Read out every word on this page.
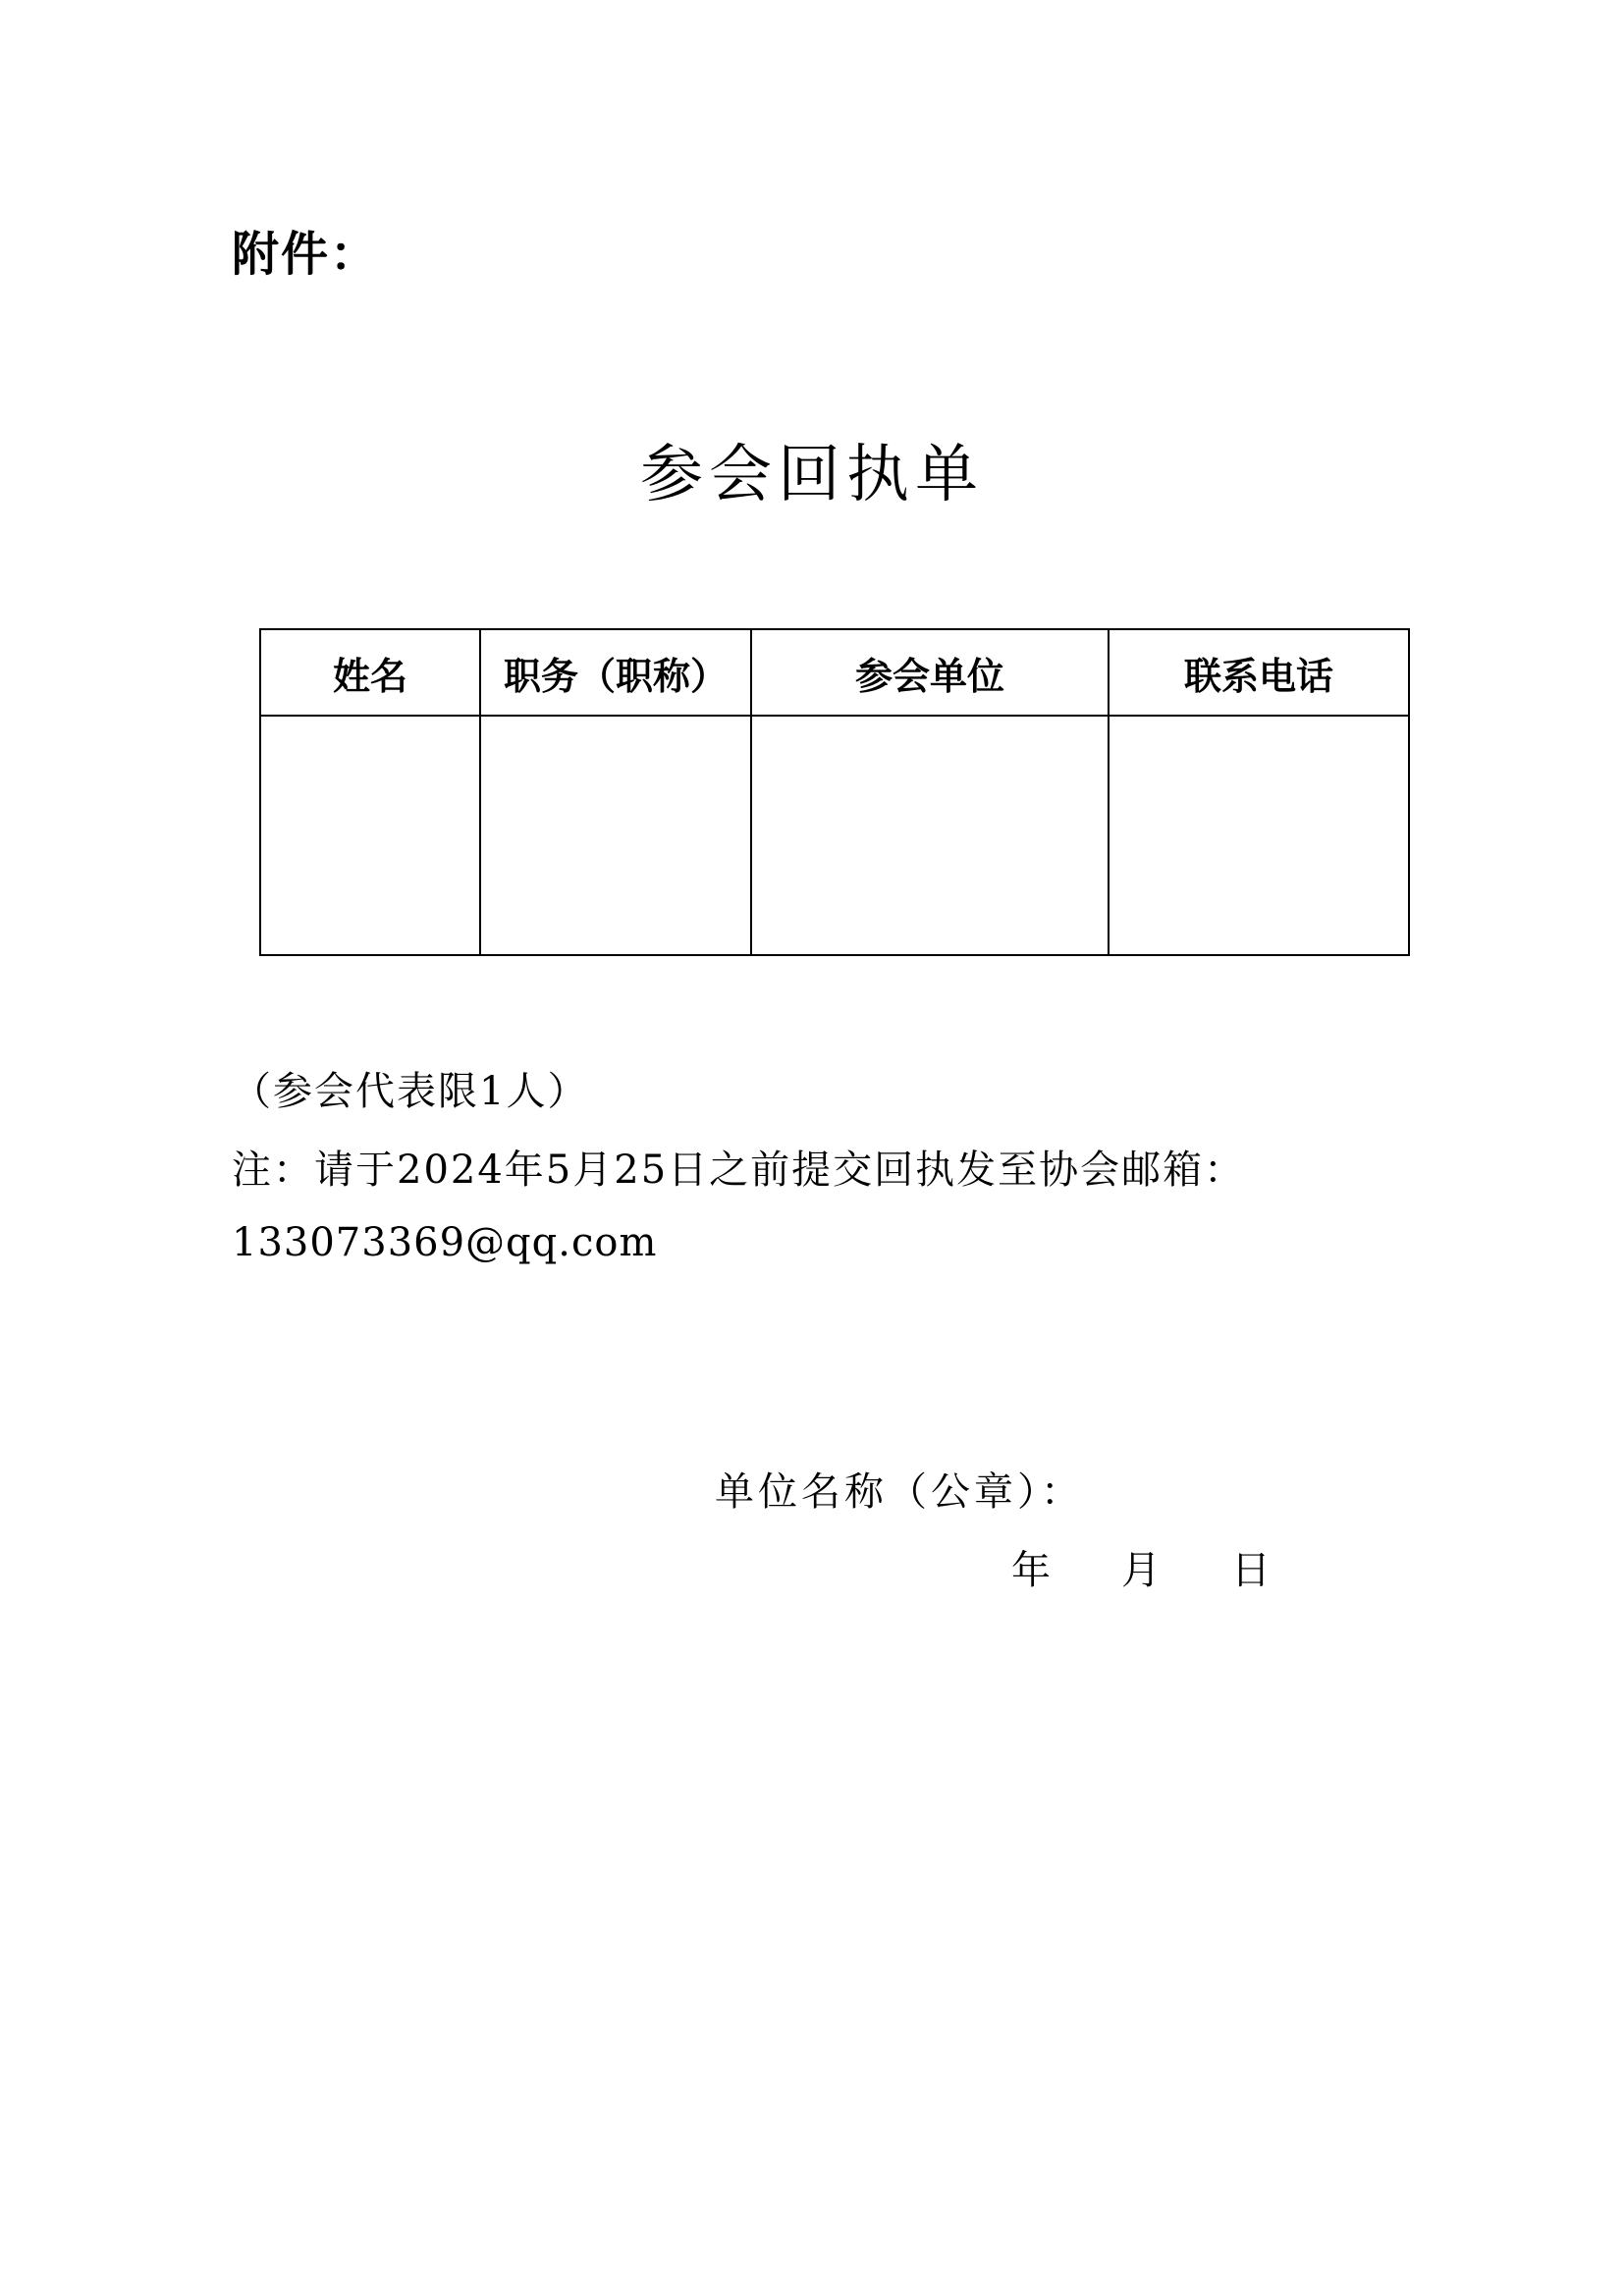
附件：
参会回执单
姓名	职务（职称）	参会单位	联系电话

（参会代表限1人）
注：请于2024年5月25日之前提交回执发至协会邮箱：
133073369@qq.com
单位名称（公章）：
年 月 日
